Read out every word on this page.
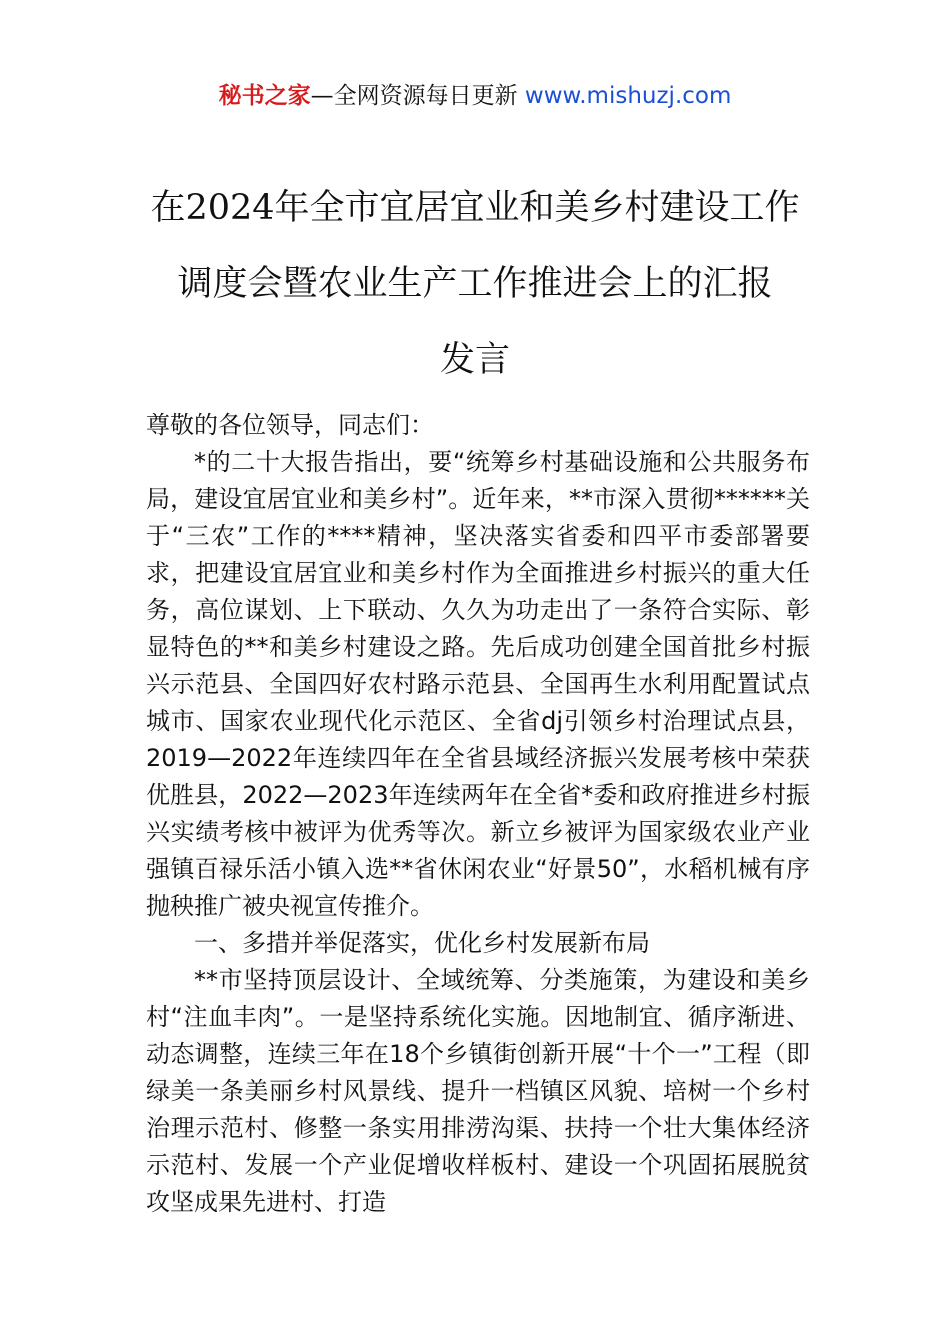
秘书之家—全网资源每日更新 www.mishuzj.com
在2024年全市宜居宜业和美乡村建设工作
调度会暨农业生产工作推进会上的汇报
发言

尊敬的各位领导，同志们：

*的二十大报告指出，要“统筹乡村基础设施和公共服务布局，建设宜居宜业和美乡村”。近年来，**市深入贯彻******关于“三农”工作的****精神，坚决落实省委和四平市委部署要求，把建设宜居宜业和美乡村作为全面推进乡村振兴的重大任务，高位谋划、上下联动、久久为功走出了一条符合实际、彰显特色的**和美乡村建设之路。先后成功创建全国首批乡村振兴示范县、全国四好农村路示范县、全国再生水利用配置试点城市、国家农业现代化示范区、全省dj引领乡村治理试点县，2019—2022年连续四年在全省县域经济振兴发展考核中荣获优胜县，2022—2023年连续两年在全省*委和政府推进乡村振兴实绩考核中被评为优秀等次。新立乡被评为国家级农业产业强镇百禄乐活小镇入选**省休闲农业“好景50”，水稻机械有序抛秧推广被央视宣传推介。

一、多措并举促落实，优化乡村发展新布局

**市坚持顶层设计、全域统筹、分类施策，为建设和美乡村“注血丰肉”。一是坚持系统化实施。因地制宜、循序渐进、动态调整，连续三年在18个乡镇街创新开展“十个一”工程（即绿美一条美丽乡村风景线、提升一档镇区风貌、培树一个乡村治理示范村、修整一条实用排涝沟渠、扶持一个壮大集体经济示范村、发展一个产业促增收样板村、建设一个巩固拓展脱贫攻坚成果先进村、打造
